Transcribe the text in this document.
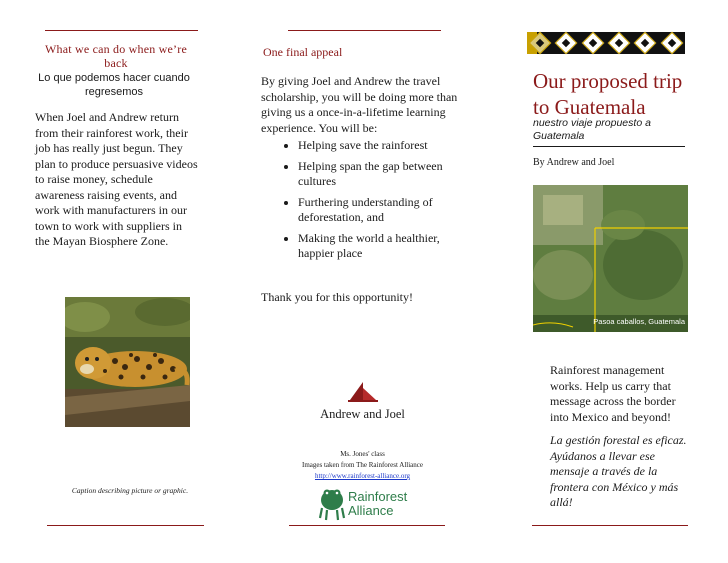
What we can do when we’re back
Lo que podemos hacer cuando regresemos
When Joel and Andrew return from their rainforest work, their job has really just begun. They plan to produce persuasive videos to raise money, schedule awareness raising events, and work with manufacturers in our town to work with suppliers in the Mayan Biosphere Zone.
Caption describing picture or graphic.
One final appeal
By giving Joel and Andrew the travel scholarship, you will be doing more than giving us a once-in-a-lifetime learning experience. You will be:
• Helping save the rainforest
• Helping span the gap between cultures
• Furthering understanding of deforestation, and
• Making the world a healthier, happier place
Thank you for this opportunity!
Andrew and Joel
Ms. Jones' class
Images taken from The Rainforest Alliance
http://www.rainforest-alliance.org
Rainforest
Alliance
Our proposed trip to Guatemala
nuestro viaje propuesto a Guatemala
By Andrew and Joel
Pasoa caballos, Guatemala
Rainforest management works. Help us carry that message across the border into Mexico and beyond!
La gestión forestal es eficaz. Ayúdanos a llevar ese mensaje a través de la frontera con México y más allá!
